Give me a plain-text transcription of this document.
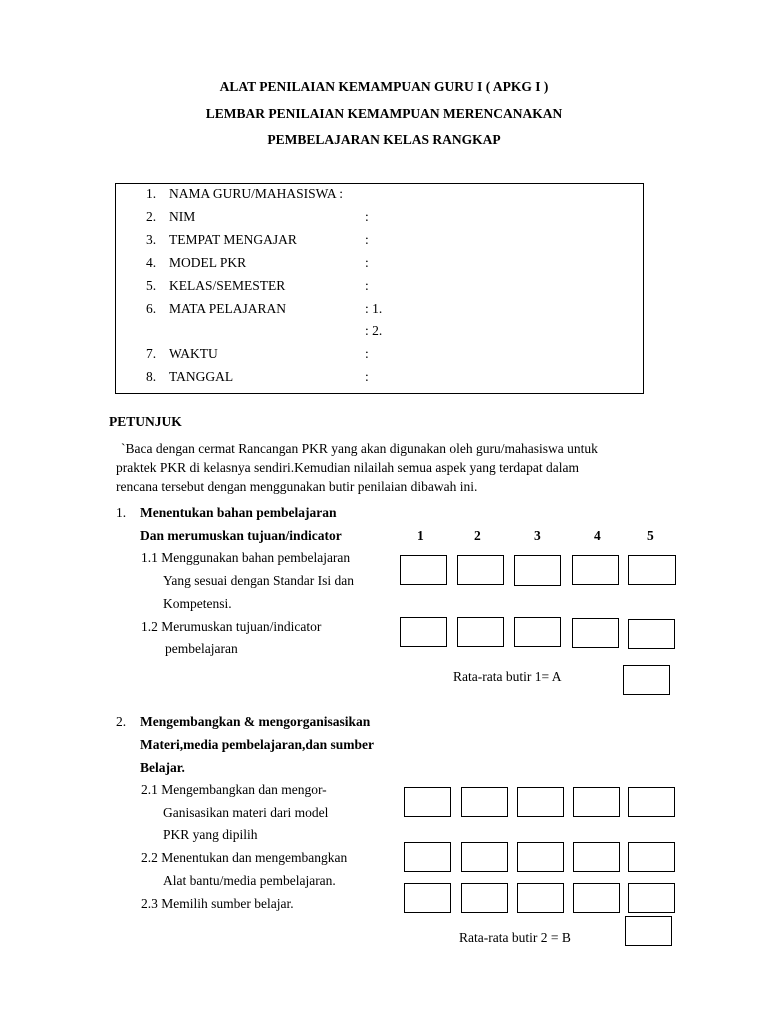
ALAT PENILAIAN KEMAMPUAN GURU I ( APKG I )
LEMBAR PENILAIAN KEMAMPUAN MERENCANAKAN
PEMBELAJARAN KELAS RANGKAP
1. NAMA GURU/MAHASISWA :
2. NIM	:
3. TEMPAT MENGAJAR	:
4. MODEL PKR	:
5. KELAS/SEMESTER	:
6. MATA PELAJARAN	: 1.
: 2.
7. WAKTU	:
8. TANGGAL	:
PETUNJUK
`Baca dengan cermat Rancangan PKR yang akan digunakan oleh guru/mahasiswa untuk
praktek PKR di kelasnya sendiri.Kemudian nilailah semua aspek yang terdapat dalam
rencana tersebut dengan menggunakan butir penilaian dibawah ini.
1. Menentukan bahan pembelajaran
Dan merumuskan tujuan/indicator	1	2	3	4	5
1.1 Menggunakan bahan pembelajaran
Yang sesuai dengan Standar Isi dan
Kompetensi.
1.2 Merumuskan tujuan/indicator
pembelajaran
Rata-rata butir 1= A
2. Mengembangkan & mengorganisasikan
Materi,media pembelajaran,dan sumber
Belajar.
2.1 Mengembangkan dan mengor-
Ganisasikan materi dari model
PKR yang dipilih
2.2 Menentukan dan mengembangkan
Alat bantu/media pembelajaran.
2.3 Memilih sumber belajar.
Rata-rata butir 2 = B
